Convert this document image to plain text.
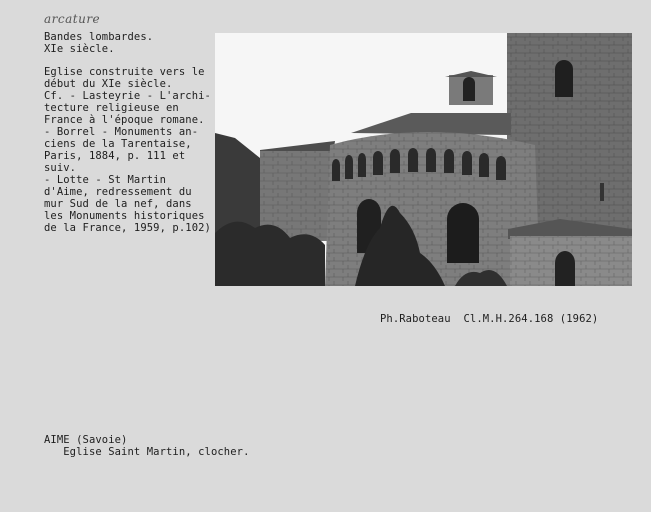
arcature
Bandes lombardes.
XIe siècle.
Eglise construite vers le
début du XIe siècle.
Cf. - Lasteyrie - L'archi-
tecture religieuse en
France à l'époque romane.
- Borrel - Monuments an-
ciens de la Tarentaise,
Paris, 1884, p. 111 et
suiv.
- Lotte - St Martin
d'Aime, redressement du
mur Sud de la nef, dans
les Monuments historiques
de la France, 1959, p.102)
Ph.Raboteau  Cl.M.H.264.168 (1962)
AIME (Savoie)
Eglise Saint Martin, clocher.
